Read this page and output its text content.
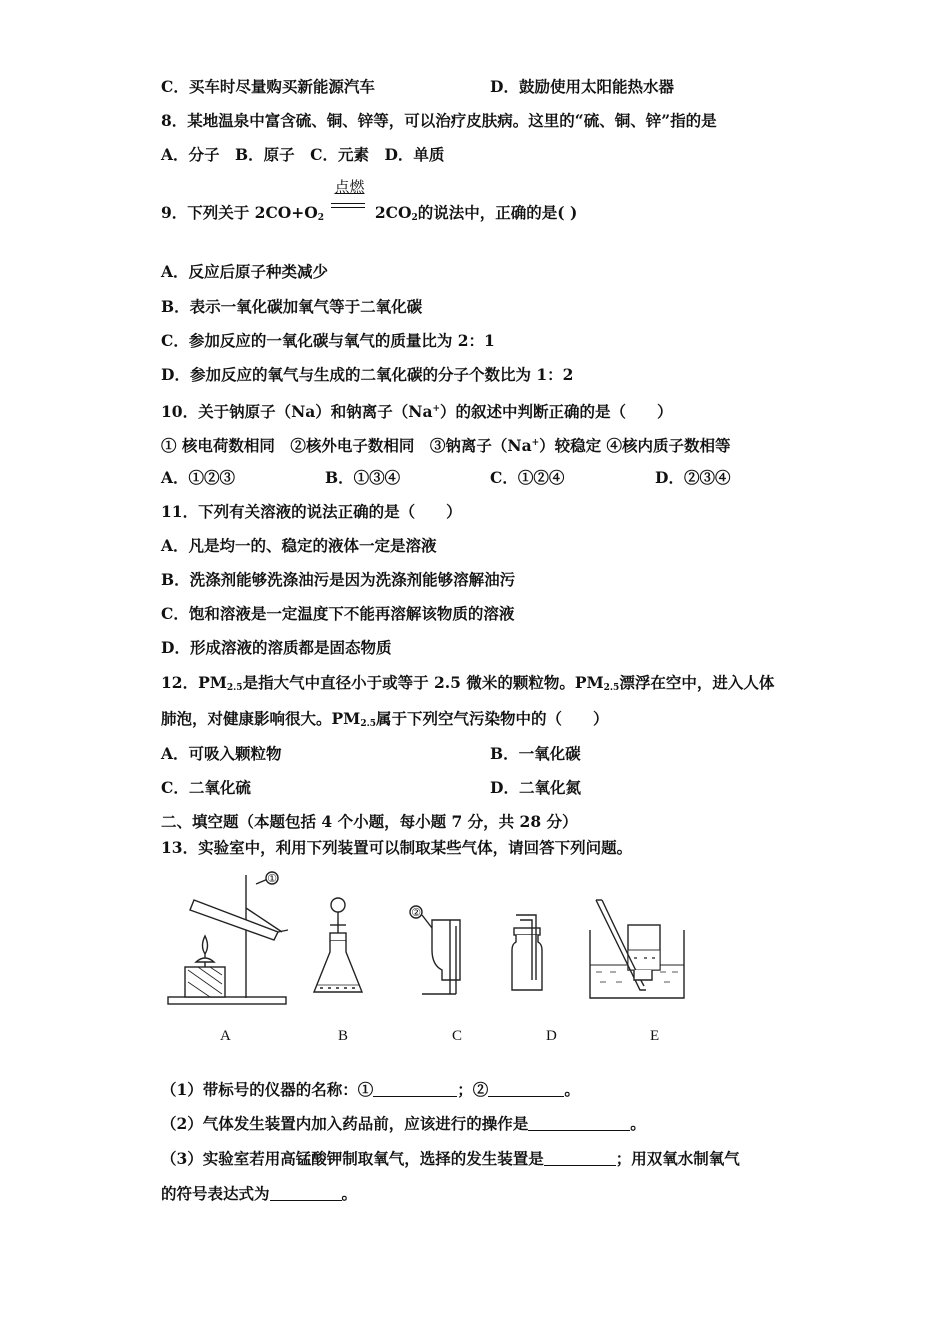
C．买车时尽量购买新能源汽车	D．鼓励使用太阳能热水器
8．某地温泉中富含硫、铜、锌等，可以治疗皮肤病。这里的“硫、铜、锌”指的是
A．分子　B．原子　C．元素　D．单质
9．下列关于 $2CO+O_2$
点燃
$2CO_2$的说法中，正确的是( )
A．反应后原子种类减少
B．表示一氧化碳加氧气等于二氧化碳
C．参加反应的一氧化碳与氧气的质量比为 2：1
D．参加反应的氧气与生成的二氧化碳的分子个数比为 1：2
10．关于钠原子（Na）和钠离子（Na+）的叙述中判断正确的是（　　）
① 核电荷数相同　②核外电子数相同　③钠离子（Na+）较稳定 ④核内质子数相等
A．①②③	B．①③④	C．①②④	D．②③④
11．下列有关溶液的说法正确的是（　　）
A．凡是均一的、稳定的液体一定是溶液
B．洗涤剂能够洗涤油污是因为洗涤剂能够溶解油污
C．饱和溶液是一定温度下不能再溶解该物质的溶液
D．形成溶液的溶质都是固态物质
12．$PM_{2.5}$是指大气中直径小于或等于 2.5 微米的颗粒物。$PM_{2.5}$漂浮在空中，进入人体
肺泡，对健康影响很大。$PM_{2.5}$属于下列空气污染物中的（　　）
A．可吸入颗粒物	B．一氧化碳
C．二氧化硫	D．二氧化氮
二、填空题（本题包括 4 个小题，每小题 7 分，共 28 分）
13．实验室中，利用下列装置可以制取某些气体，请回答下列问题。
①
②
A	B	C	D	E
（1）带标号的仪器的名称：①	；②	。
（2）气体发生装置内加入药品前，应该进行的操作是	。
（3）实验室若用高锰酸钾制取氧气，选择的发生装置是	；用双氧水制氧气
的符号表达式为	。
